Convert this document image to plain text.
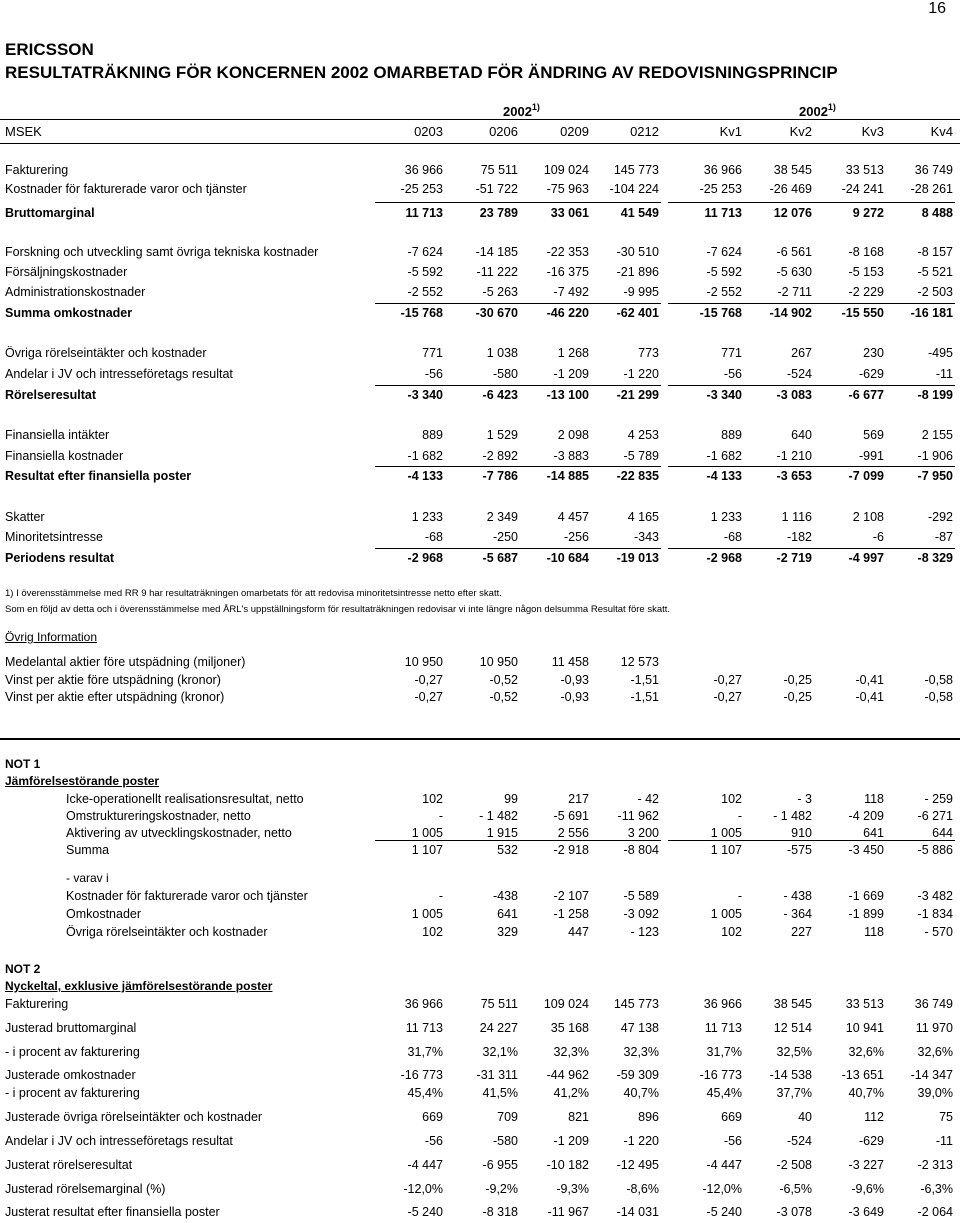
16
ERICSSON
RESULTATRÄKNING FÖR KONCERNEN 2002 OMARBETAD FÖR ÄNDRING AV REDOVISNINGSPRINCIP
2002$^{1)}$	2002$^{1)}$
MSEK	0203	0206	0209	0212	Kv1	Kv2	Kv3	Kv4
Fakturering	36 966	75 511	109 024	145 773	36 966	38 545	33 513	36 749
Kostnader för fakturerade varor och tjänster	-25 253	-51 722	-75 963	-104 224	-25 253	-26 469	-24 241	-28 261
Bruttomarginal	11 713	23 789	33 061	41 549	11 713	12 076	9 272	8 488
Forskning och utveckling samt övriga tekniska kostnader	-7 624	-14 185	-22 353	-30 510	-7 624	-6 561	-8 168	-8 157
Försäljningskostnader	-5 592	-11 222	-16 375	-21 896	-5 592	-5 630	-5 153	-5 521
Administrationskostnader	-2 552	-5 263	-7 492	-9 995	-2 552	-2 711	-2 229	-2 503
Summa omkostnader	-15 768	-30 670	-46 220	-62 401	-15 768	-14 902	-15 550	-16 181
Övriga rörelseintäkter och kostnader	771	1 038	1 268	773	771	267	230	-495
Andelar i JV och intresseföretags resultat	-56	-580	-1 209	-1 220	-56	-524	-629	-11
Rörelseresultat	-3 340	-6 423	-13 100	-21 299	-3 340	-3 083	-6 677	-8 199
Finansiella intäkter	889	1 529	2 098	4 253	889	640	569	2 155
Finansiella kostnader	-1 682	-2 892	-3 883	-5 789	-1 682	-1 210	-991	-1 906
Resultat efter finansiella poster	-4 133	-7 786	-14 885	-22 835	-4 133	-3 653	-7 099	-7 950
Skatter	1 233	2 349	4 457	4 165	1 233	1 116	2 108	-292
Minoritetsintresse	-68	-250	-256	-343	-68	-182	-6	-87
Periodens resultat	-2 968	-5 687	-10 684	-19 013	-2 968	-2 719	-4 997	-8 329
1) I överensstämmelse med RR 9 har resultaträkningen omarbetats för att redovisa minoritetsintresse netto efter skatt.
Som en följd av detta och i överensstämmelse med ÅRL's uppställningsform för resultaträkningen redovisar vi inte längre någon delsumma Resultat före skatt.
Övrig Information
Medelantal aktier före utspädning (miljoner)	10 950	10 950	11 458	12 573
Vinst per aktie före utspädning (kronor)	-0,27	-0,52	-0,93	-1,51	-0,27	-0,25	-0,41	-0,58
Vinst per aktie efter utspädning (kronor)	-0,27	-0,52	-0,93	-1,51	-0,27	-0,25	-0,41	-0,58
NOT 1
Jämförelsestörande poster
Icke-operationellt realisationsresultat, netto	102	99	217	- 42	102	- 3	118	- 259
Omstruktureringskostnader, netto	-	- 1 482	-5 691	-11 962	-	- 1 482	-4 209	-6 271
Aktivering av utvecklingskostnader, netto	1 005	1 915	2 556	3 200	1 005	910	641	644
Summa	1 107	532	-2 918	-8 804	1 107	-575	-3 450	-5 886
- varav i
Kostnader för fakturerade varor och tjänster	-	-438	-2 107	-5 589	-	- 438	-1 669	-3 482
Omkostnader	1 005	641	-1 258	-3 092	1 005	- 364	-1 899	-1 834
Övriga rörelseintäkter och kostnader	102	329	447	- 123	102	227	118	- 570
NOT 2
Nyckeltal, exklusive jämförelsestörande poster
Fakturering	36 966	75 511	109 024	145 773	36 966	38 545	33 513	36 749
Justerad bruttomarginal	11 713	24 227	35 168	47 138	11 713	12 514	10 941	11 970
- i procent av fakturering	31,7%	32,1%	32,3%	32,3%	31,7%	32,5%	32,6%	32,6%
Justerade omkostnader	-16 773	-31 311	-44 962	-59 309	-16 773	-14 538	-13 651	-14 347
- i procent av fakturering	45,4%	41,5%	41,2%	40,7%	45,4%	37,7%	40,7%	39,0%
Justerade övriga rörelseintäkter och kostnader	669	709	821	896	669	40	112	75
Andelar i JV och intresseföretags resultat	-56	-580	-1 209	-1 220	-56	-524	-629	-11
Justerat rörelseresultat	-4 447	-6 955	-10 182	-12 495	-4 447	-2 508	-3 227	-2 313
Justerad rörelsemarginal (%)	-12,0%	-9,2%	-9,3%	-8,6%	-12,0%	-6,5%	-9,6%	-6,3%
Justerat resultat efter finansiella poster	-5 240	-8 318	-11 967	-14 031	-5 240	-3 078	-3 649	-2 064
